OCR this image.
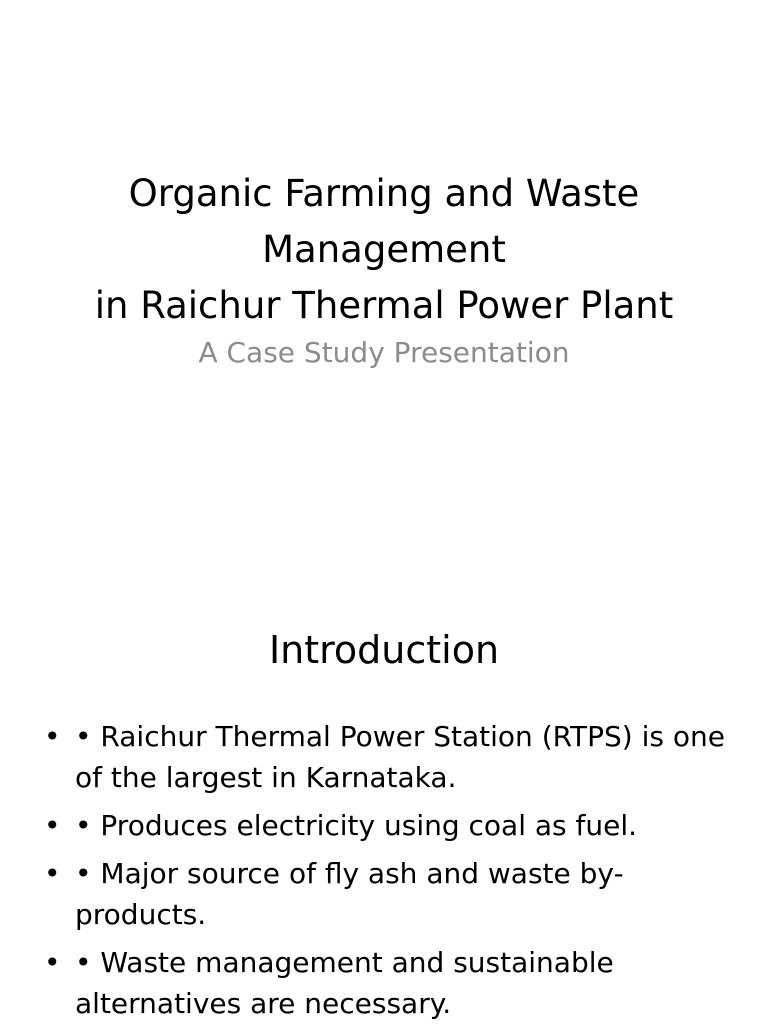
Organic Farming and Waste
Management
in Raichur Thermal Power Plant
A Case Study Presentation
Introduction
• • Raichur Thermal Power Station (RTPS) is one of the largest in Karnataka.
• • Produces electricity using coal as fuel.
• • Major source of fly ash and waste by-products.
• • Waste management and sustainable alternatives are necessary.
